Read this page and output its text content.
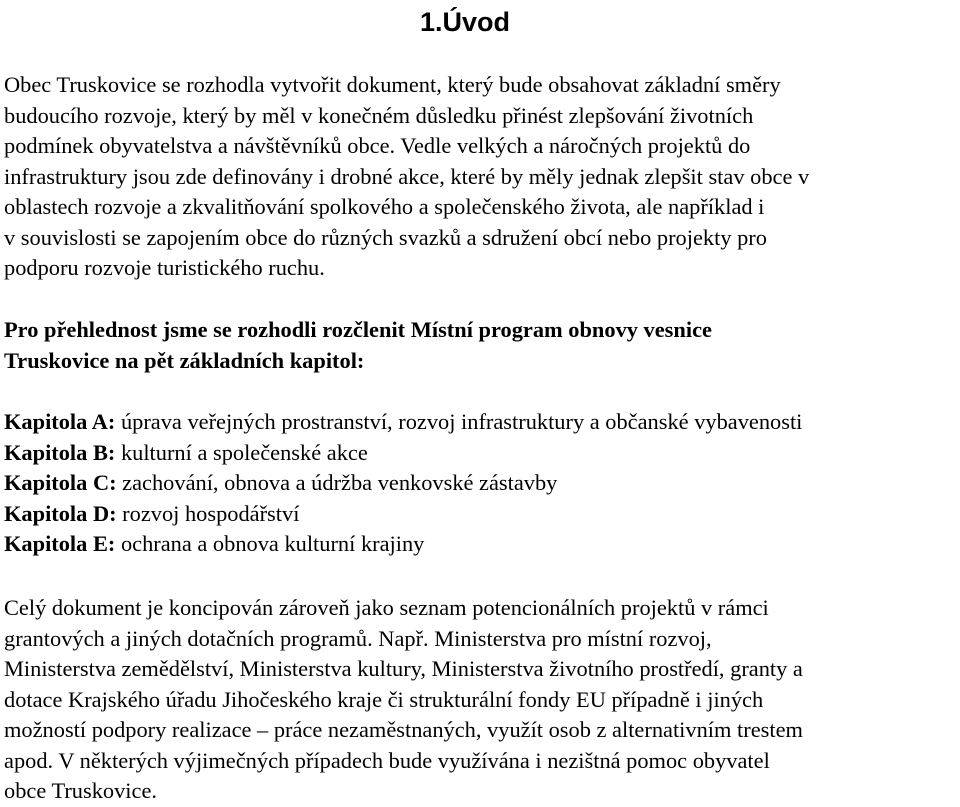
1.Úvod
Obec Truskovice se rozhodla vytvořit dokument, který bude obsahovat základní směry
budoucího rozvoje, který by měl v konečném důsledku přinést zlepšování životních
podmínek obyvatelstva a návštěvníků obce. Vedle velkých a náročných projektů do
infrastruktury jsou zde definovány i drobné akce, které by měly jednak zlepšit stav obce v
oblastech rozvoje a zkvalitňování spolkového a společenského života, ale například i
v souvislosti se zapojením obce do různých svazků a sdružení obcí nebo projekty pro
podporu rozvoje turistického ruchu.
Pro přehlednost jsme se rozhodli rozčlenit Místní program obnovy vesnice
Truskovice na pět základních kapitol:
Kapitola A: úprava veřejných prostranství, rozvoj infrastruktury a občanské vybavenosti
Kapitola B: kulturní a společenské akce
Kapitola C: zachování, obnova a údržba venkovské zástavby
Kapitola D: rozvoj hospodářství
Kapitola E: ochrana a obnova kulturní krajiny
Celý dokument je koncipován zároveň jako seznam potencionálních projektů v rámci
grantových a jiných dotačních programů. Např. Ministerstva pro místní rozvoj,
Ministerstva zemědělství, Ministerstva kultury, Ministerstva životního prostředí, granty a
dotace Krajského úřadu Jihočeského kraje či strukturální fondy EU případně i jiných
možností podpory realizace – práce nezaměstnaných, využít osob z alternativním trestem
apod. V některých výjimečných případech bude využívána i nezištná pomoc obyvatel
obce Truskovice.
